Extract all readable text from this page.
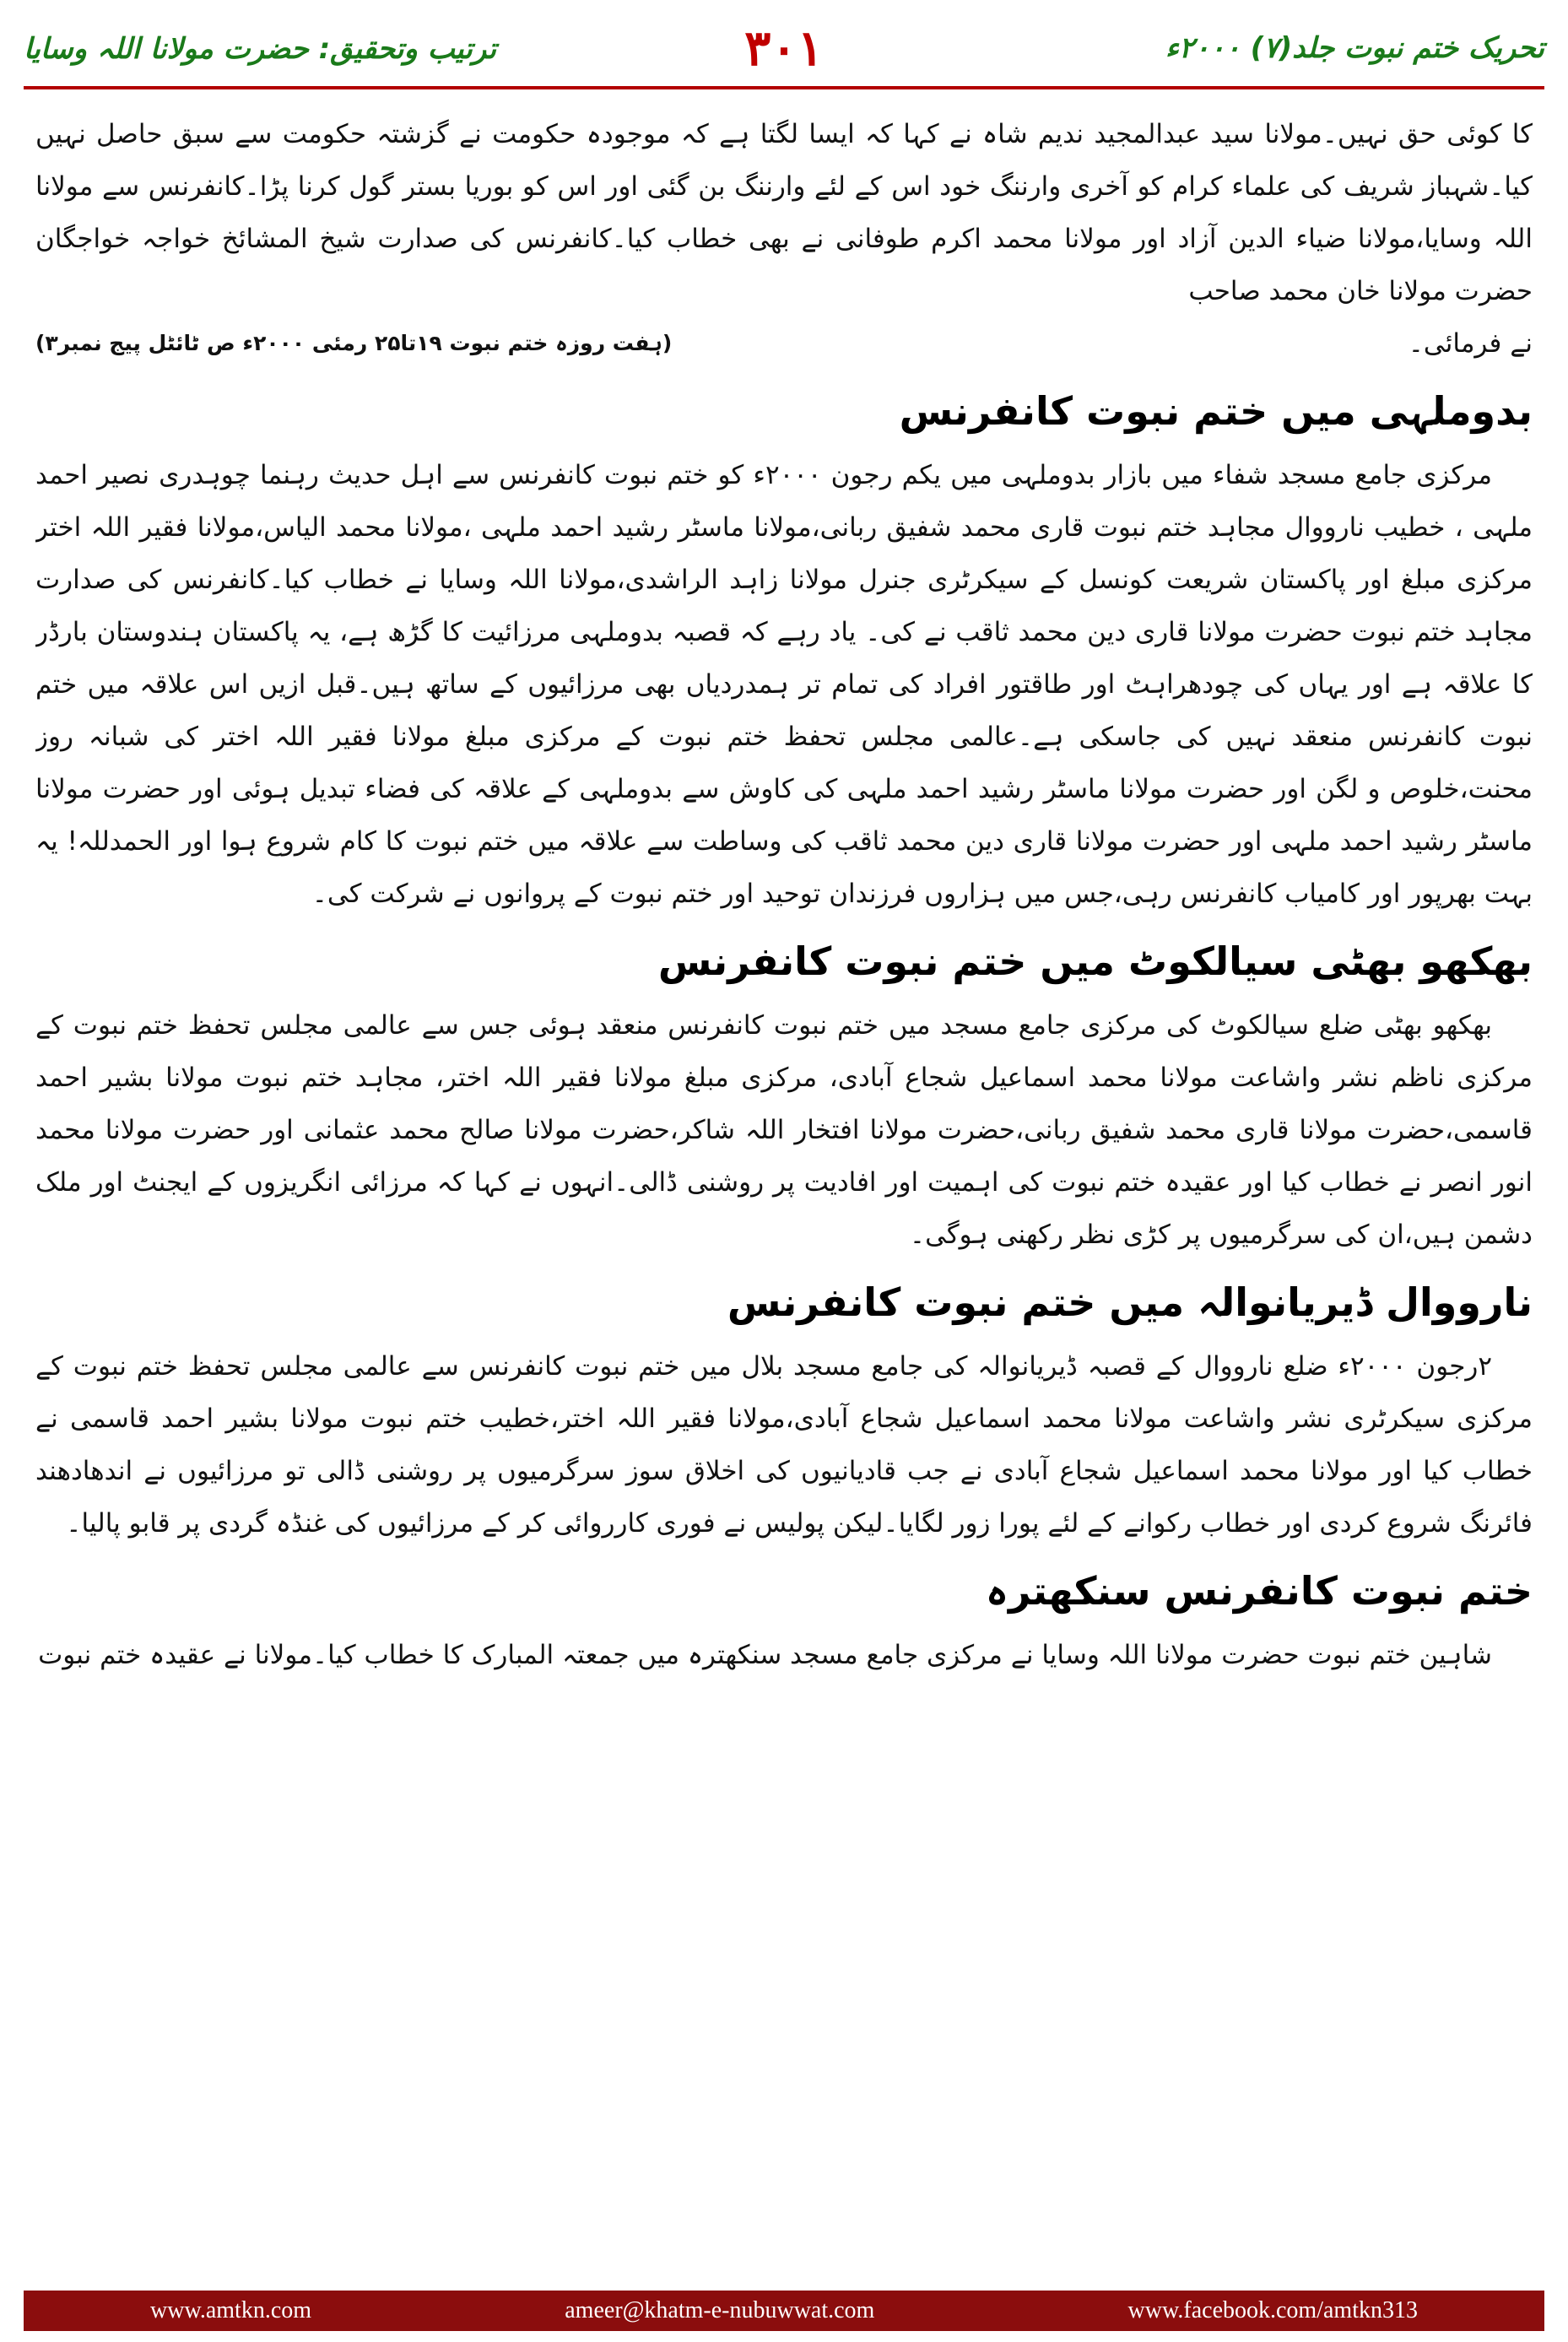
ترتیب وتحقیق: حضرت مولانا اللہ وسایا	۳۰۱	تحریک ختم نبوت جلد(۷) ۲۰۰۰ء

کا کوئی حق نہیں۔مولانا سید عبدالمجید ندیم شاہ نے کہا کہ ایسا لگتا ہے کہ موجودہ حکومت نے گزشتہ حکومت سے سبق حاصل نہیں کیا۔شہباز شریف کی علماء کرام کو آخری وارننگ خود اس کے لئے وارننگ بن گئی اور اس کو بوریا بستر گول کرنا پڑا۔کانفرنس سے مولانا اللہ وسایا،مولانا ضیاء الدین آزاد اور مولانا محمد اکرم طوفانی نے بھی خطاب کیا۔کانفرنس کی صدارت شیخ المشائخ خواجہ خواجگان حضرت مولانا خان محمد صاحب

نے فرمائی۔
(ہفت روزہ ختم نبوت ۱۹تا۲۵ رمئی ۲۰۰۰ء ص ٹائٹل پیج نمبر۳)
بدوملہی میں ختم نبوت کانفرنس

مرکزی جامع مسجد شفاء میں بازار بدوملہی میں یکم رجون ۲۰۰۰ء کو ختم نبوت کانفرنس سے اہل حدیث رہنما چوہدری نصیر احمد ملہی ، خطیب نارووال مجاہد ختم نبوت قاری محمد شفیق ربانی،مولانا ماسٹر رشید احمد ملہی ،مولانا محمد الیاس،مولانا فقیر اللہ اختر مرکزی مبلغ اور پاکستان شریعت کونسل کے سیکرٹری جنرل مولانا زاہد الراشدی،مولانا اللہ وسایا نے خطاب کیا۔کانفرنس کی صدارت مجاہد ختم نبوت حضرت مولانا قاری دین محمد ثاقب نے کی۔ یاد رہے کہ قصبہ بدوملہی مرزائیت کا گڑھ ہے، یہ پاکستان ہندوستان بارڈر کا علاقہ ہے اور یہاں کی چودھراہٹ اور طاقتور افراد کی تمام تر ہمدردیاں بھی مرزائیوں کے ساتھ ہیں۔قبل ازیں اس علاقہ میں ختم نبوت کانفرنس منعقد نہیں کی جاسکی ہے۔عالمی مجلس تحفظ ختم نبوت کے مرکزی مبلغ مولانا فقیر اللہ اختر کی شبانہ روز محنت،خلوص و لگن اور حضرت مولانا ماسٹر رشید احمد ملہی کی کاوش سے بدوملہی کے علاقہ کی فضاء تبدیل ہوئی اور حضرت مولانا ماسٹر رشید احمد ملہی اور حضرت مولانا قاری دین محمد ثاقب کی وساطت سے علاقہ میں ختم نبوت کا کام شروع ہوا اور الحمدللہ! یہ بہت بھرپور اور کامیاب کانفرنس رہی،جس میں ہزاروں فرزندان توحید اور ختم نبوت کے پروانوں نے شرکت کی۔

بھکھو بھٹی سیالکوٹ میں ختم نبوت کانفرنس

بھکھو بھٹی ضلع سیالکوٹ کی مرکزی جامع مسجد میں ختم نبوت کانفرنس منعقد ہوئی جس سے عالمی مجلس تحفظ ختم نبوت کے مرکزی ناظم نشر واشاعت مولانا محمد اسماعیل شجاع آبادی، مرکزی مبلغ مولانا فقیر اللہ اختر، مجاہد ختم نبوت مولانا بشیر احمد قاسمی،حضرت مولانا قاری محمد شفیق ربانی،حضرت مولانا افتخار اللہ شاکر،حضرت مولانا صالح محمد عثمانی اور حضرت مولانا محمد انور انصر نے خطاب کیا اور عقیدہ ختم نبوت کی اہمیت اور افادیت پر روشنی ڈالی۔انہوں نے کہا کہ مرزائی انگریزوں کے ایجنٹ اور ملک دشمن ہیں،ان کی سرگرمیوں پر کڑی نظر رکھنی ہوگی۔

نارووال ڈیریانوالہ میں ختم نبوت کانفرنس

۲رجون ۲۰۰۰ء ضلع نارووال کے قصبہ ڈیریانوالہ کی جامع مسجد بلال میں ختم نبوت کانفرنس سے عالمی مجلس تحفظ ختم نبوت کے مرکزی سیکرٹری نشر واشاعت مولانا محمد اسماعیل شجاع آبادی،مولانا فقیر اللہ اختر،خطیب ختم نبوت مولانا بشیر احمد قاسمی نے خطاب کیا اور مولانا محمد اسماعیل شجاع آبادی نے جب قادیانیوں کی اخلاق سوز سرگرمیوں پر روشنی ڈالی تو مرزائیوں نے اندھادھند فائرنگ شروع کردی اور خطاب رکوانے کے لئے پورا زور لگایا۔لیکن پولیس نے فوری کارروائی کر کے مرزائیوں کی غنڈہ گردی پر قابو پالیا۔

ختم نبوت کانفرنس سنکھترہ

شاہین ختم نبوت حضرت مولانا اللہ وسایا نے مرکزی جامع مسجد سنکھترہ میں جمعتہ المبارک کا خطاب کیا۔مولانا نے عقیدہ ختم نبوت

www.amtkn.com	ameer@khatm-e-nubuwwat.com	www.facebook.com/amtkn313
